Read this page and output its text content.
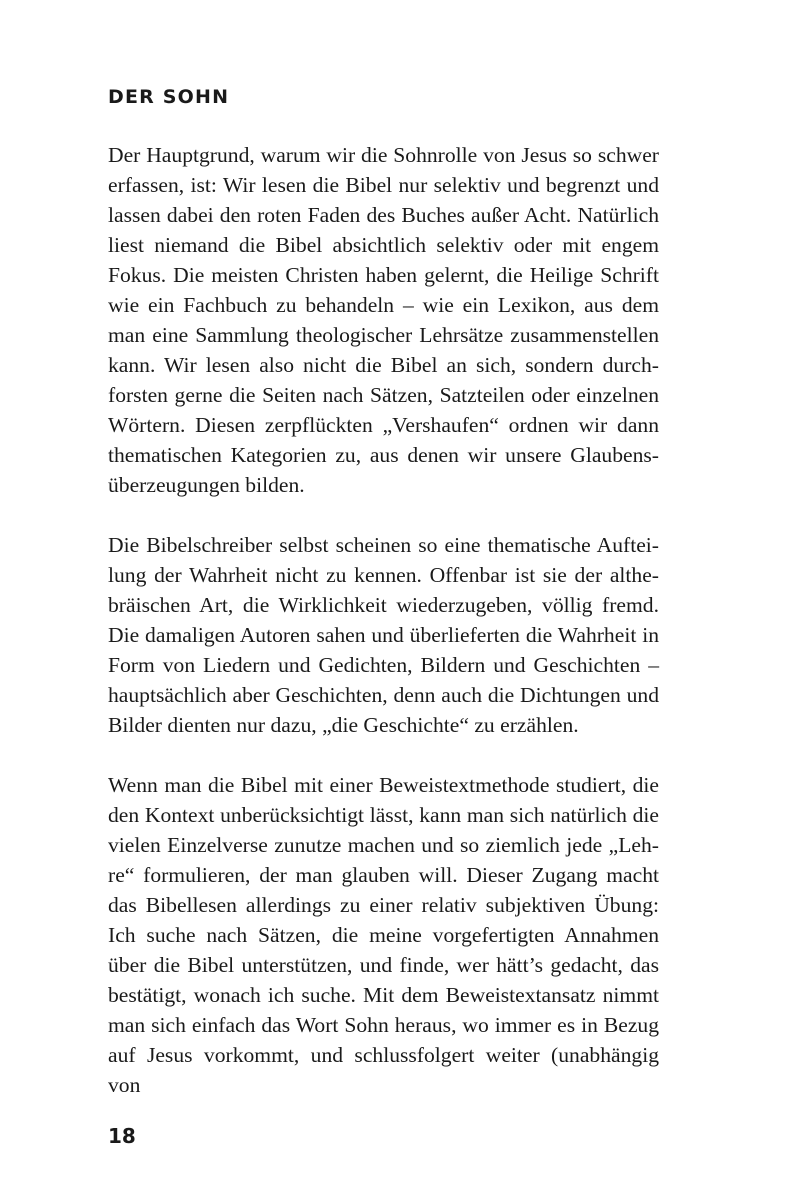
DER SOHN

Der Hauptgrund, warum wir die Sohnrolle von Jesus so schwer erfassen, ist: Wir lesen die Bibel nur selektiv und begrenzt und lassen dabei den roten Faden des Buches außer Acht. Natürlich liest niemand die Bibel absichtlich selektiv oder mit engem Fokus. Die meisten Christen haben gelernt, die Heilige Schrift wie ein Fachbuch zu behandeln – wie ein Lexikon, aus dem man eine Sammlung theologischer Lehrsätze zusammenstellen kann. Wir lesen also nicht die Bibel an sich, sondern durchforsten gerne die Seiten nach Sätzen, Satzteilen oder einzelnen Wörtern. Diesen zerpflückten „Vershaufen“ ordnen wir dann thematischen Kategorien zu, aus denen wir unsere Glaubensüberzeugungen bilden.

Die Bibelschreiber selbst scheinen so eine thematische Aufteilung der Wahrheit nicht zu kennen. Offenbar ist sie der althebräischen Art, die Wirklichkeit wiederzugeben, völlig fremd. Die damaligen Autoren sahen und überlieferten die Wahrheit in Form von Liedern und Gedichten, Bildern und Geschichten – hauptsächlich aber Geschichten, denn auch die Dichtungen und Bilder dienten nur dazu, „die Geschichte“ zu erzählen.

Wenn man die Bibel mit einer Beweistextmethode studiert, die den Kontext unberücksichtigt lässt, kann man sich natürlich die vielen Einzelverse zunutze machen und so ziemlich jede „Lehre“ formulieren, der man glauben will. Dieser Zugang macht das Bibellesen allerdings zu einer relativ subjektiven Übung: Ich suche nach Sätzen, die meine vorgefertigten Annahmen über die Bibel unterstützen, und finde, wer hätt’s gedacht, das bestätigt, wonach ich suche. Mit dem Beweistextansatz nimmt man sich einfach das Wort Sohn heraus, wo immer es in Bezug auf Jesus vorkommt, und schlussfolgert weiter (unabhängig von

18
